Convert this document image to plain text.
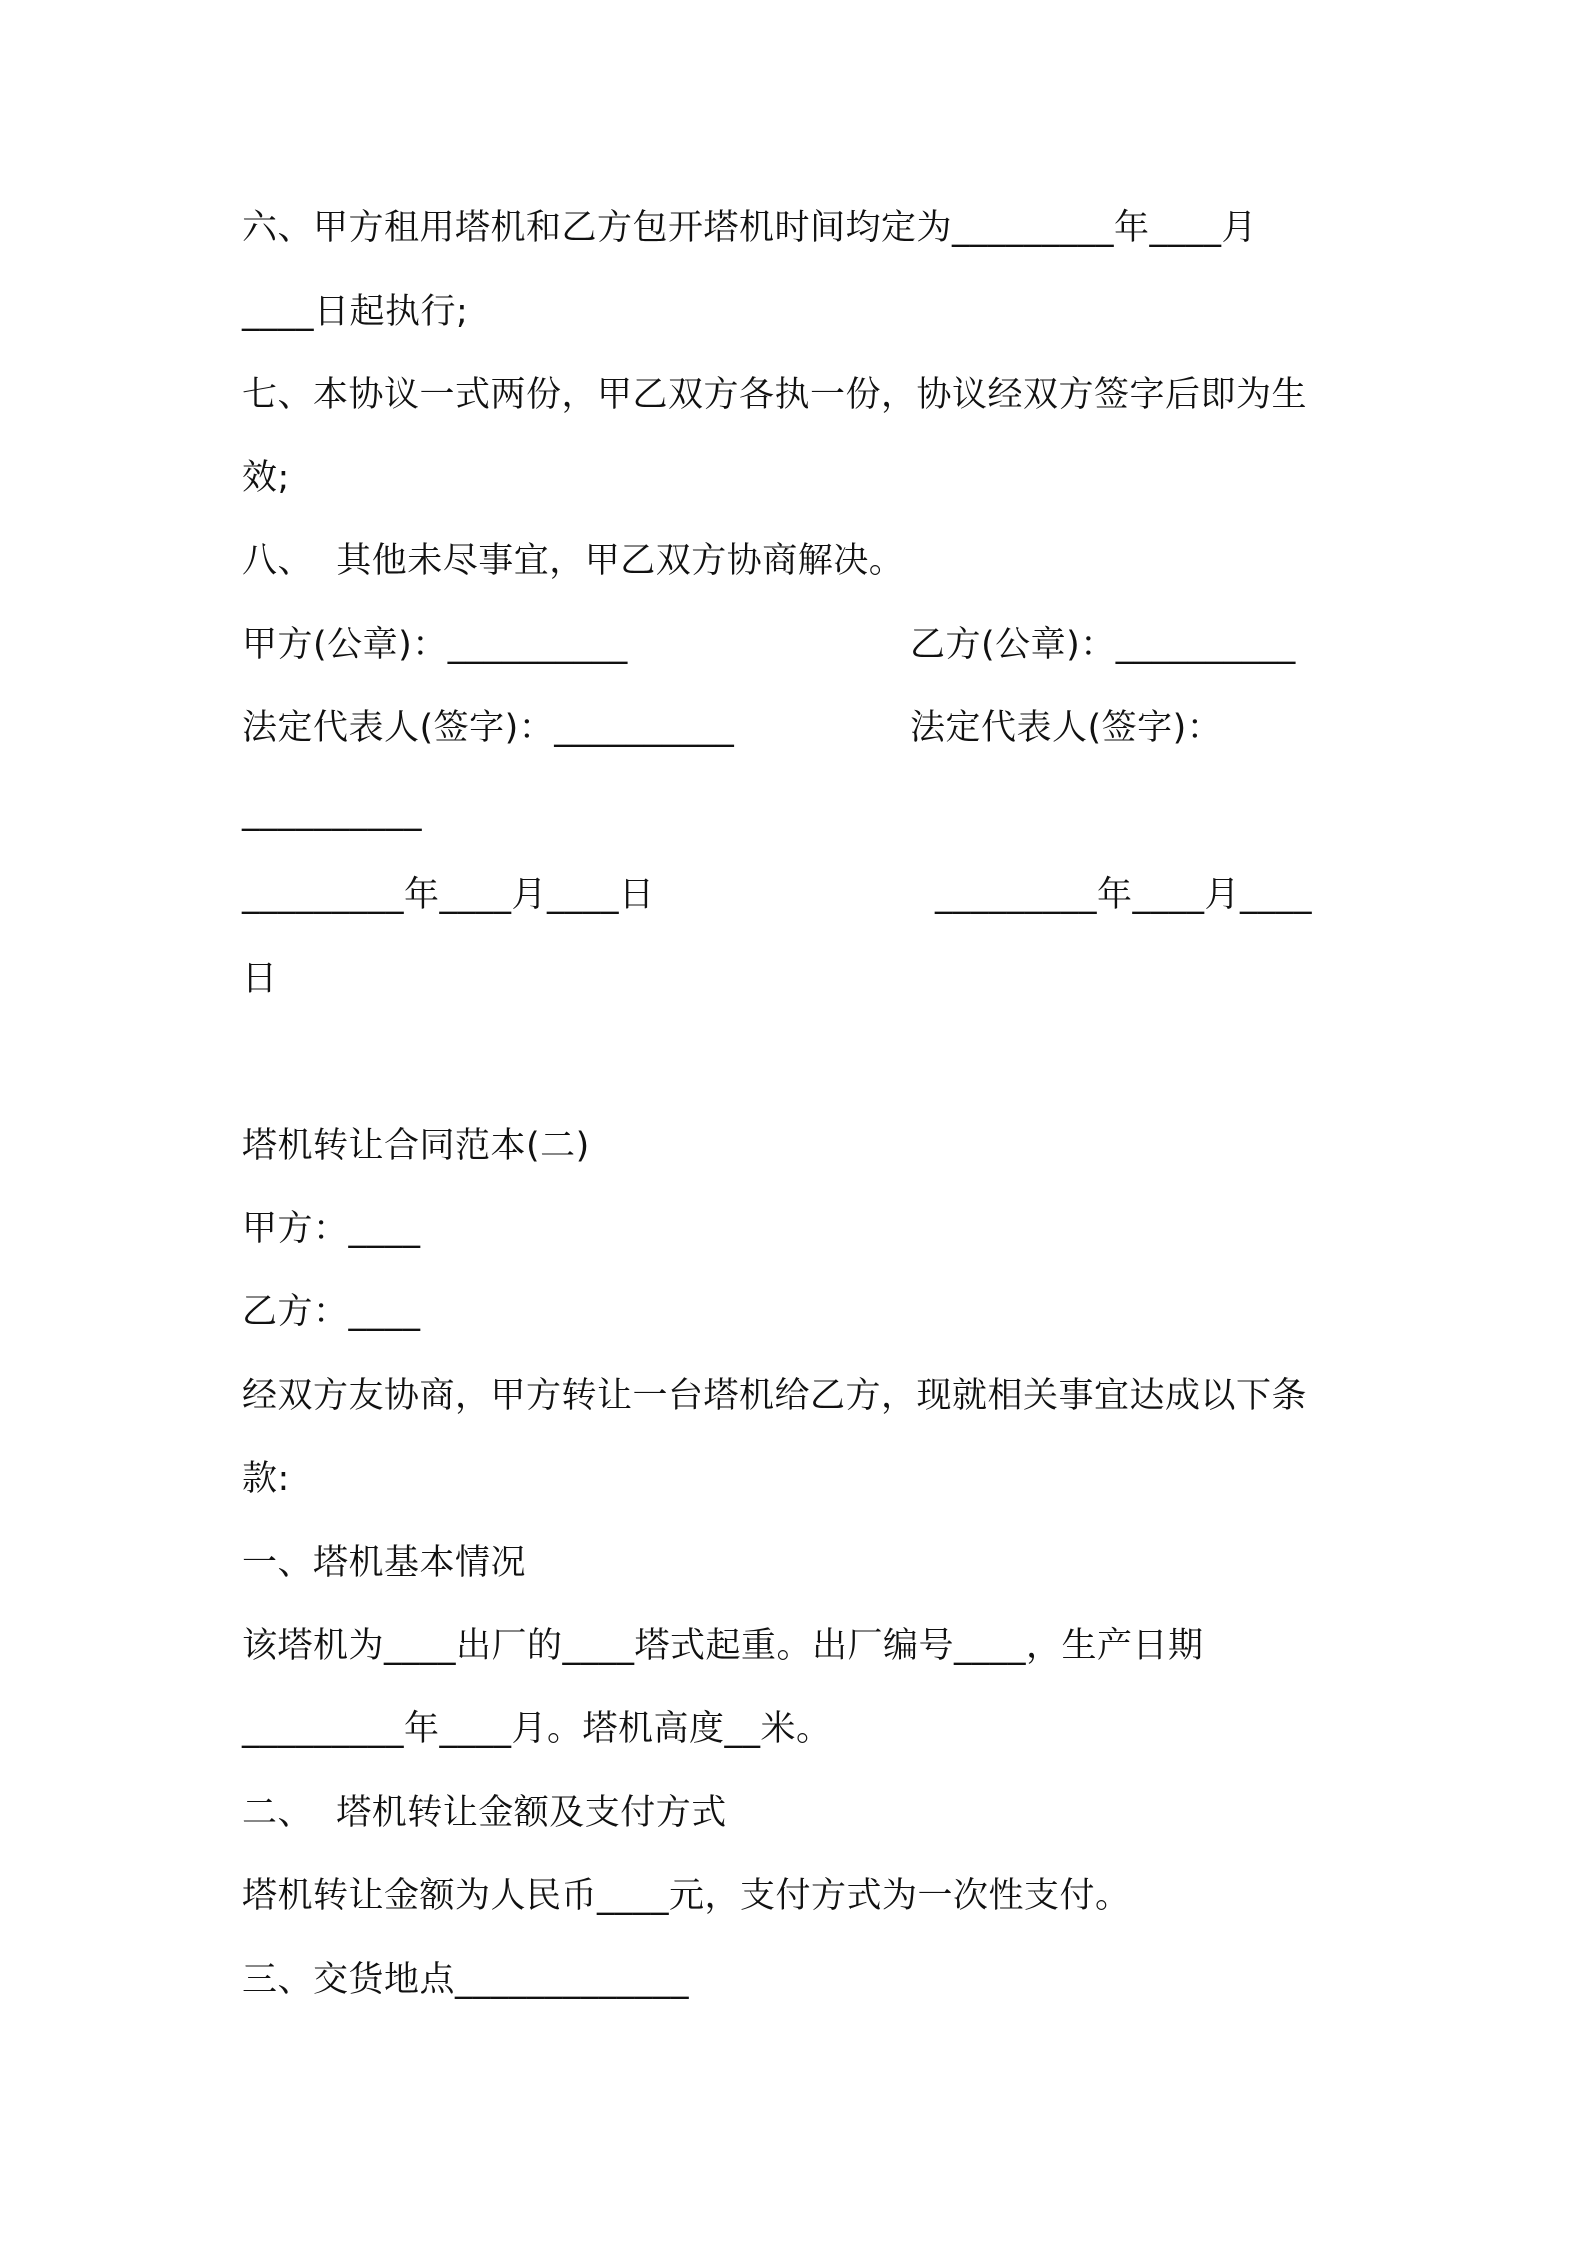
六、甲方租用塔机和乙方包开塔机时间均定为_________年____月
____日起执行;
七、本协议一式两份，甲乙双方各执一份，协议经双方签字后即为生
效;
八、  其他未尽事宜，甲乙双方协商解决。
甲方(公章)：__________	乙方(公章)：__________
法定代表人(签字)：__________	法定代表人(签字)：
__________
_________年____月____日	_________年____月____
日
塔机转让合同范本(二)
甲方：____
乙方：____
经双方友协商，甲方转让一台塔机给乙方，现就相关事宜达成以下条
款:
一、塔机基本情况
该塔机为____出厂的____塔式起重。出厂编号____，生产日期
_________年____月。塔机高度__米。
二、  塔机转让金额及支付方式
塔机转让金额为人民币____元，支付方式为一次性支付。
三、交货地点_____________
